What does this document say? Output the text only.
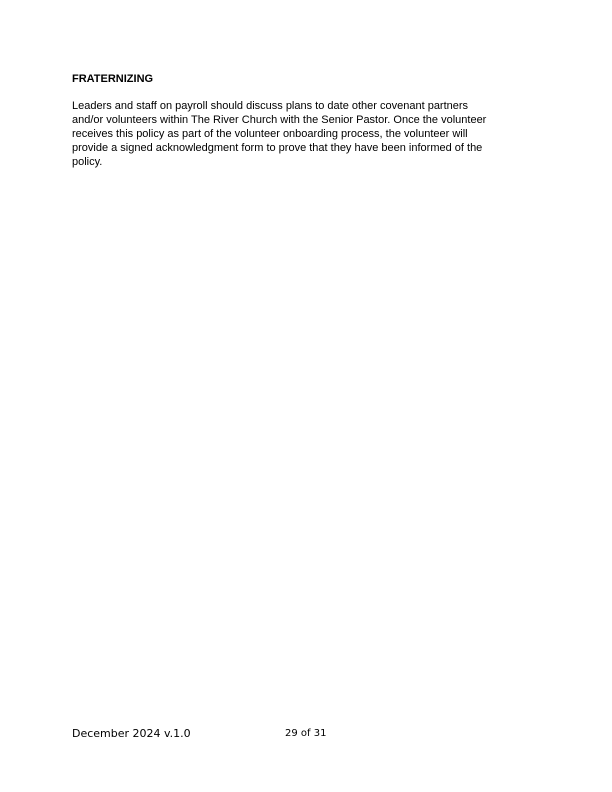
FRATERNIZING

Leaders and staff on payroll should discuss plans to date other covenant partners
and/or volunteers within The River Church with the Senior Pastor. Once the volunteer
receives this policy as part of the volunteer onboarding process, the volunteer will
provide a signed acknowledgment form to prove that they have been informed of the
policy.

December 2024 v.1.0	29 of 31
